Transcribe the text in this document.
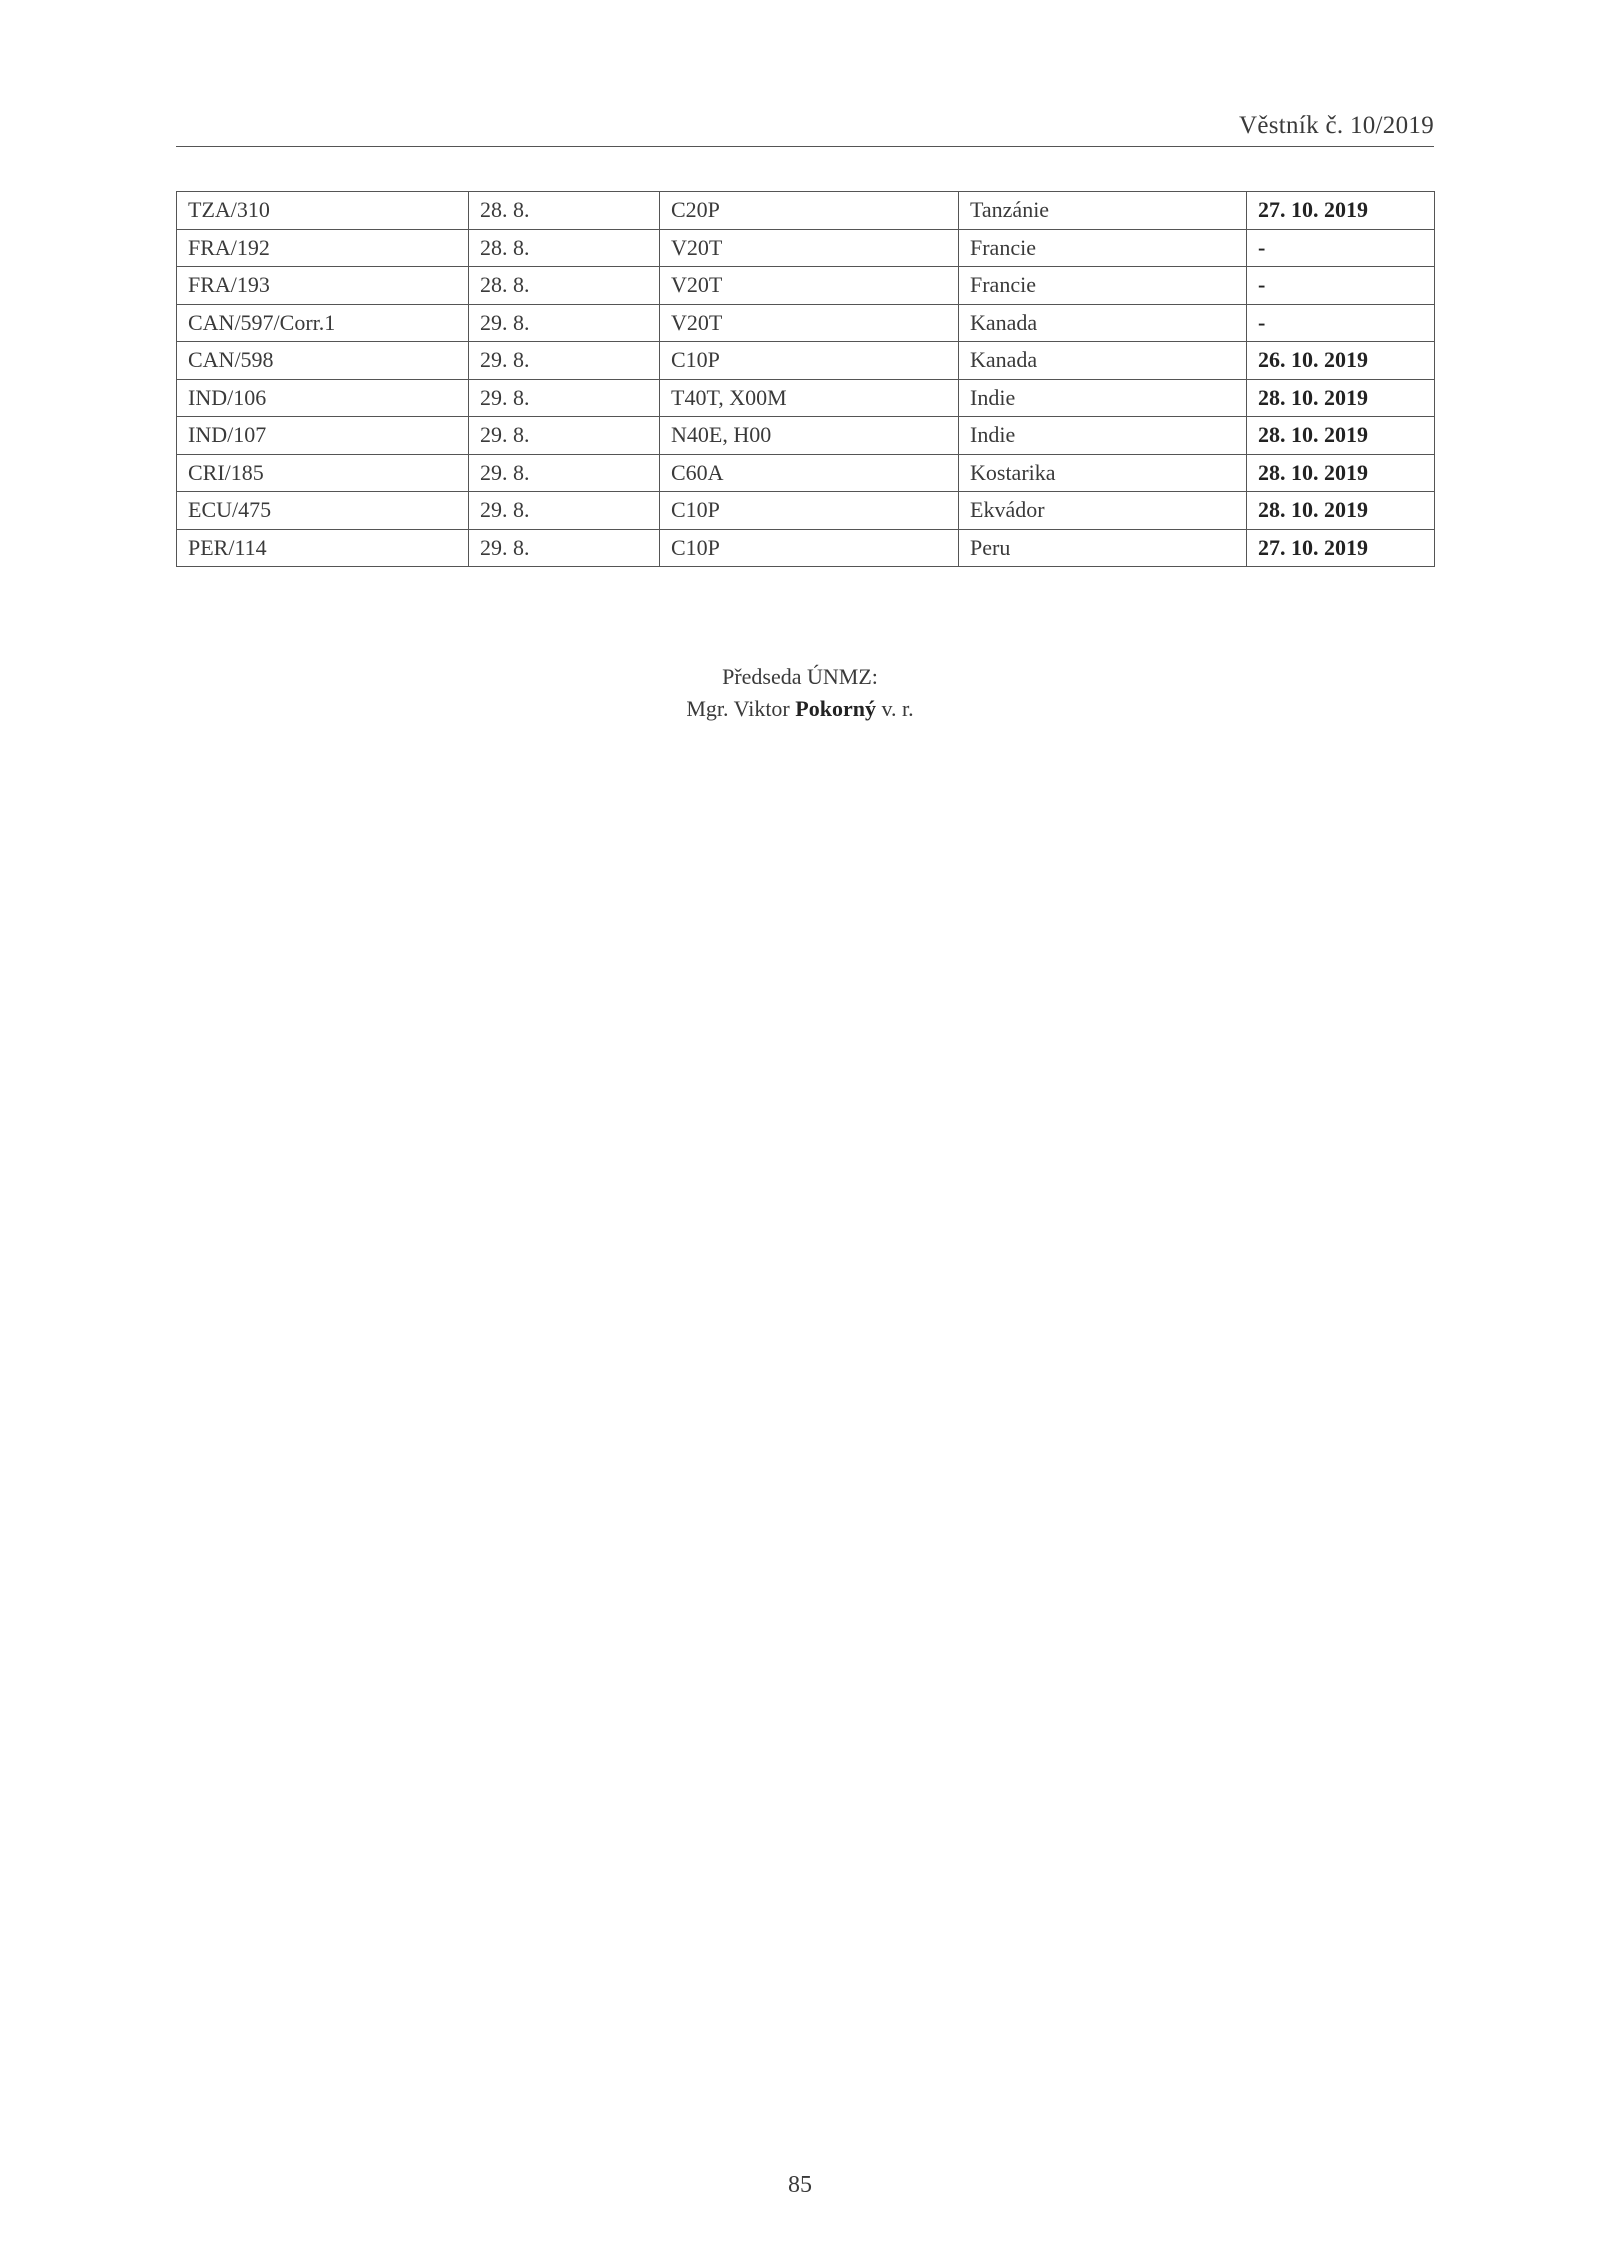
Věstník č. 10/2019
TZA/310	28. 8.	C20P	Tanzánie	27. 10. 2019
FRA/192	28. 8.	V20T	Francie	-
FRA/193	28. 8.	V20T	Francie	-
CAN/597/Corr.1	29. 8.	V20T	Kanada	-
CAN/598	29. 8.	C10P	Kanada	26. 10. 2019
IND/106	29. 8.	T40T, X00M	Indie	28. 10. 2019
IND/107	29. 8.	N40E, H00	Indie	28. 10. 2019
CRI/185	29. 8.	C60A	Kostarika	28. 10. 2019
ECU/475	29. 8.	C10P	Ekvádor	28. 10. 2019
PER/114	29. 8.	C10P	Peru	27. 10. 2019
Předseda ÚNMZ:
Mgr. Viktor Pokorný v. r.
85
